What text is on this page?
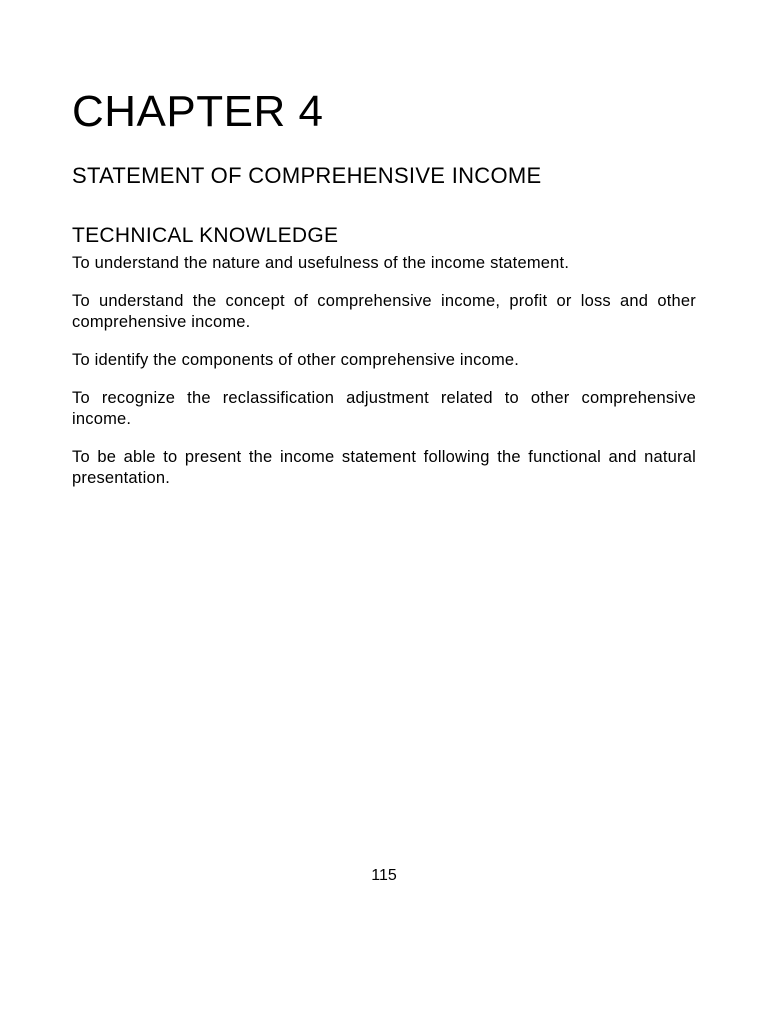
CHAPTER 4
STATEMENT OF COMPREHENSIVE INCOME
TECHNICAL KNOWLEDGE
To understand the nature and usefulness of the income statement.
To understand the concept of comprehensive income, profit or loss and other comprehensive income.
To identify the components of other comprehensive income.
To recognize the reclassification adjustment related to other comprehensive income.
To be able to present the income statement following the functional and natural presentation.
115
